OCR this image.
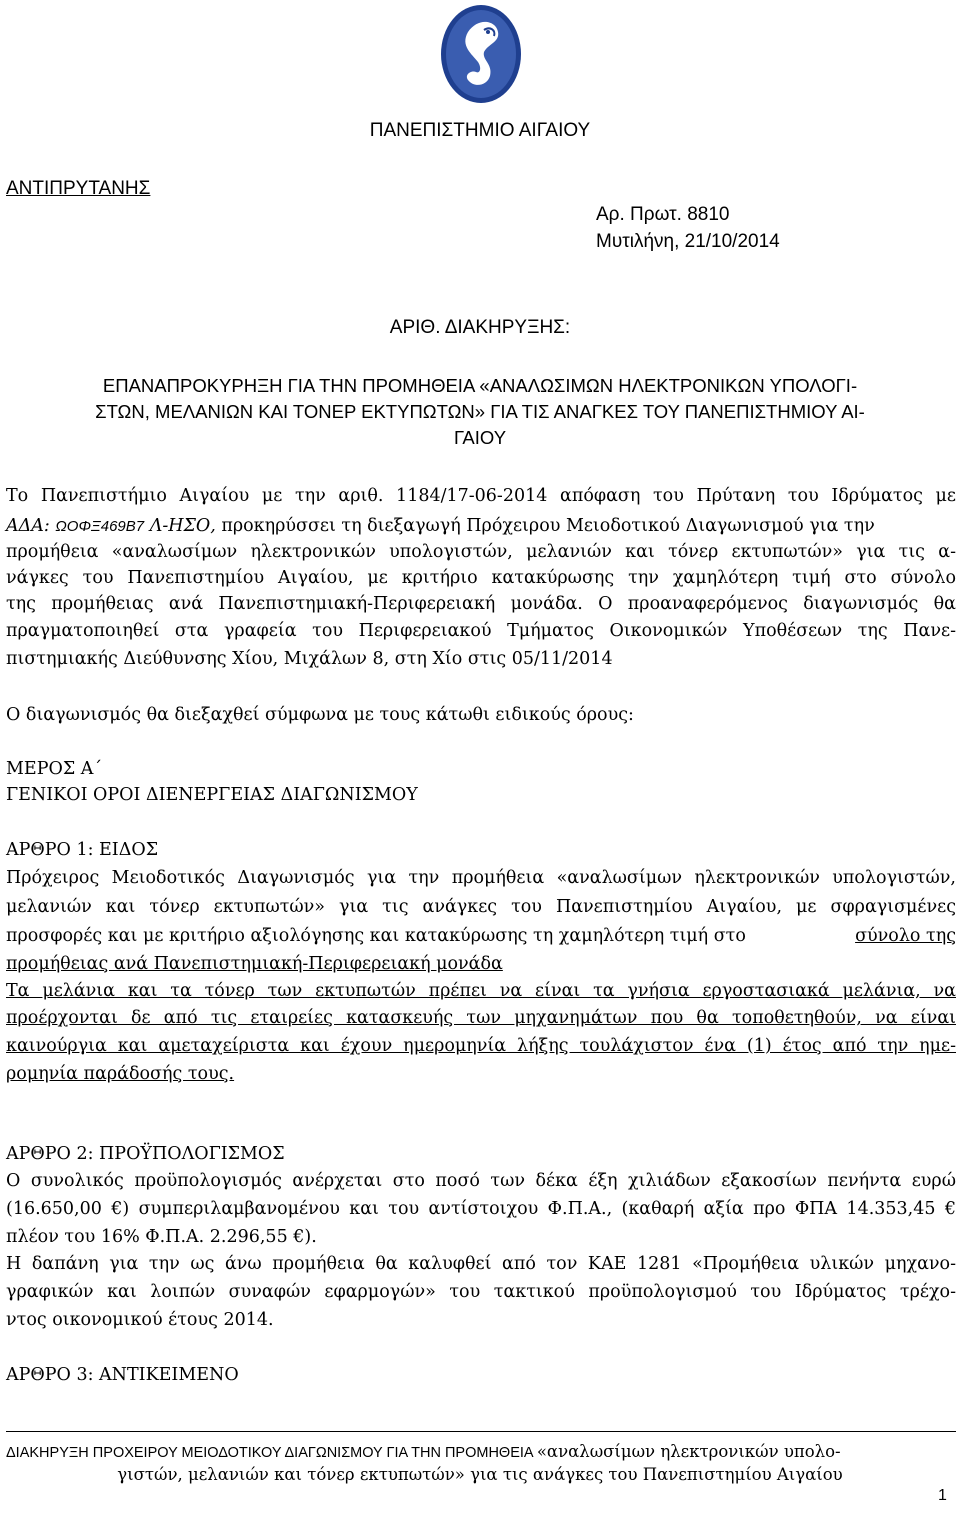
ΠΑΝΕΠΙΣΤΗΜΙΟ ΑΙΓΑΙΟΥ
ΑΝΤΙΠΡΥΤΑΝΗΣ
Αρ. Πρωτ. 8810
Μυτιλήνη, 21/10/2014
ΑΡΙΘ. ΔΙΑΚΗΡΥΞΗΣ:
ΕΠΑΝΑΠΡΟΚΥΡΗΞΗ ΓΙΑ ΤΗΝ ΠΡΟΜΗΘΕΙΑ «ΑΝΑΛΩΣΙΜΩΝ ΗΛΕΚΤΡΟΝΙΚΩΝ ΥΠΟΛΟΓΙ-
ΣΤΩΝ, ΜΕΛΑΝΙΩΝ ΚΑΙ ΤΟΝΕΡ ΕΚΤΥΠΩΤΩΝ» ΓΙΑ ΤΙΣ ΑΝΑΓΚΕΣ ΤΟΥ ΠΑΝΕΠΙΣΤΗΜΙΟΥ ΑΙ-
ΓΑΙΟΥ
Το Πανεπιστήμιο Αιγαίου με την αριθ. 1184/17-06-2014 απόφαση του Πρύτανη του Ιδρύματος με
ΑΔΑ: ΩΟΦΞ469Β7 Λ-ΗΣΟ, προκηρύσσει τη διεξαγωγή Πρόχειρου Μειοδοτικού Διαγωνισμού για την
προμήθεια «αναλωσίμων ηλεκτρονικών υπολογιστών, μελανιών και τόνερ εκτυπωτών» για τις α-
νάγκες του Πανεπιστημίου Αιγαίου, με κριτήριο κατακύρωσης την χαμηλότερη τιμή στο σύνολο
της προμήθειας ανά Πανεπιστημιακή-Περιφερειακή μονάδα. Ο προαναφερόμενος διαγωνισμός θα
πραγματοποιηθεί στα γραφεία του Περιφερειακού Τμήματος Οικονομικών Υποθέσεων της Πανε-
πιστημιακής Διεύθυνσης Χίου, Μιχάλων 8, στη Χίο στις 05/11/2014
Ο διαγωνισμός θα διεξαχθεί σύμφωνα με τους κάτωθι ειδικούς όρους:
ΜΕΡΟΣ Α΄
ΓΕΝΙΚΟΙ ΟΡΟΙ ΔΙΕΝΕΡΓΕΙΑΣ ΔΙΑΓΩΝΙΣΜΟΥ
ΑΡΘΡΟ 1: ΕΙΔΟΣ
Πρόχειρος Μειοδοτικός Διαγωνισμός για την προμήθεια «αναλωσίμων ηλεκτρονικών υπολογιστών,
μελανιών και τόνερ εκτυπωτών» για τις ανάγκες του Πανεπιστημίου Αιγαίου, με σφραγισμένες
προσφορές και με κριτήριο αξιολόγησης και κατακύρωσης τη χαμηλότερη τιμή στο	σύνολο της
προμήθειας ανά Πανεπιστημιακή-Περιφερειακή μονάδα
Τα μελάνια και τα τόνερ των εκτυπωτών πρέπει να είναι τα γνήσια εργοστασιακά μελάνια, να
προέρχονται δε από τις εταιρείες κατασκευής των μηχανημάτων που θα τοποθετηθούν, να είναι
καινούργια και αμεταχείριστα και έχουν ημερομηνία λήξης τουλάχιστον ένα (1) έτος από την ημε-
ρομηνία παράδοσής τους.
ΑΡΘΡΟ 2: ΠΡΟΫΠΟΛΟΓΙΣΜΟΣ
Ο συνολικός προϋπολογισμός ανέρχεται στο ποσό των δέκα έξη χιλιάδων εξακοσίων πενήντα ευρώ
(16.650,00 €) συμπεριλαμβανομένου και του αντίστοιχου Φ.Π.Α., (καθαρή αξία προ ΦΠΑ 14.353,45 €
πλέον του 16% Φ.Π.Α. 2.296,55 €).
Η δαπάνη για την ως άνω προμήθεια θα καλυφθεί από τον ΚΑΕ 1281 «Προμήθεια υλικών μηχανο-
γραφικών και λοιπών συναφών εφαρμογών» του τακτικού προϋπολογισμού του Ιδρύματος τρέχο-
ντος οικονομικού έτους 2014.
ΑΡΘΡΟ 3: ΑΝΤΙΚΕΙΜΕΝΟ
ΔΙΑΚΗΡΥΞΗ ΠΡΟΧΕΙΡΟΥ ΜΕΙΟΔΟΤΙΚΟΥ ΔΙΑΓΩΝΙΣΜΟΥ ΓΙΑ ΤΗΝ ΠΡΟΜΗΘΕΙΑ «αναλωσίμων ηλεκτρονικών υπολο-
γιστών, μελανιών και τόνερ εκτυπωτών» για τις ανάγκες του Πανεπιστημίου Αιγαίου
1
